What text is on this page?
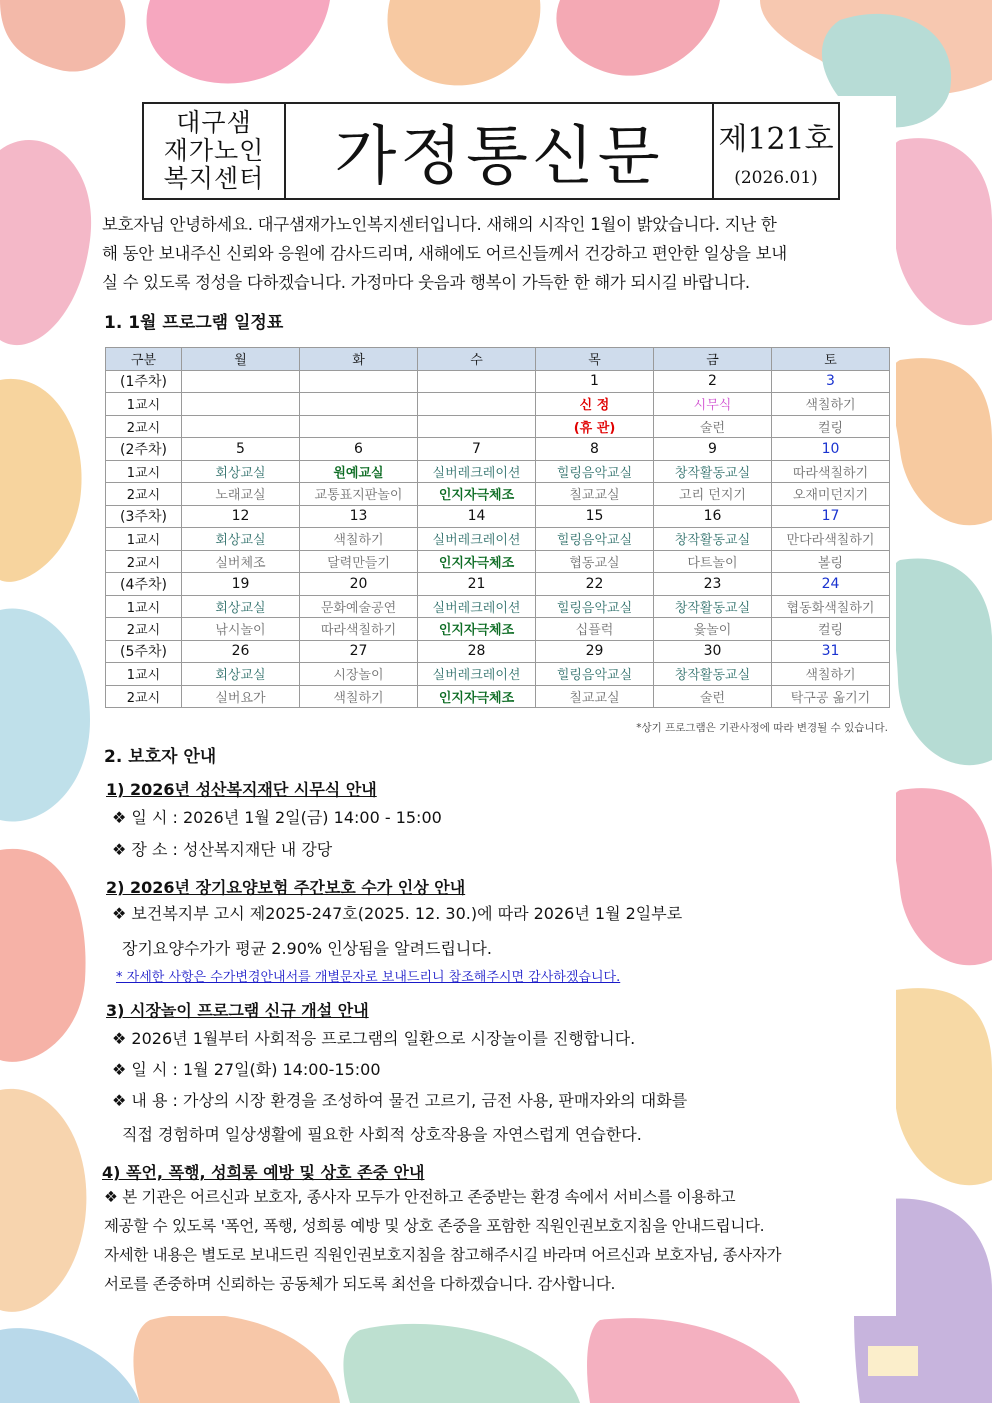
대구샘
재가노인
복지센터	가정통신문	제121호
(2026.01)

보호자님 안녕하세요. 대구샘재가노인복지센터입니다. 새해의 시작인 1월이 밝았습니다. 지난 한

해 동안 보내주신 신뢰와 응원에 감사드리며, 새해에도 어르신들께서 건강하고 편안한 일상을 보내

실 수 있도록 정성을 다하겠습니다. 가정마다 웃음과 행복이 가득한 한 해가 되시길 바랍니다.

1. 1월 프로그램 일정표
구분	월	화	수	목	금	토
(1주차)				1	2	3
1교시				신 정	시무식	색칠하기
2교시				(휴 관)	술런	컬링
(2주차)	5	6	7	8	9	10
1교시	회상교실	원예교실	실버레크레이션	힐링음악교실	창작활동교실	따라색칠하기
2교시	노래교실	교통표지판놀이	인지자극체조	칠교교실	고리 던지기	오재미던지기
(3주차)	12	13	14	15	16	17
1교시	회상교실	색칠하기	실버레크레이션	힐링음악교실	창작활동교실	만다라색칠하기
2교시	실버체조	달력만들기	인지자극체조	협동교실	다트놀이	볼링
(4주차)	19	20	21	22	23	24
1교시	회상교실	문화예술공연	실버레크레이션	힐링음악교실	창작활동교실	협동화색칠하기
2교시	낚시놀이	따라색칠하기	인지자극체조	십플럭	윷놀이	컬링
(5주차)	26	27	28	29	30	31
1교시	회상교실	시장놀이	실버레크레이션	힐링음악교실	창작활동교실	색칠하기
2교시	실버요가	색칠하기	인지자극체조	칠교교실	술런	탁구공 옮기기
*상기 프로그램은 기관사정에 따라 변경될 수 있습니다.
2. 보호자 안내
1) 2026년 성산복지재단 시무식 안내
❖ 일 시 : 2026년 1월 2일(금) 14:00 - 15:00
❖ 장 소 : 성산복지재단 내 강당
2) 2026년 장기요양보험 주간보호 수가 인상 안내
❖ 보건복지부 고시 제2025-247호(2025. 12. 30.)에 따라 2026년 1월 2일부로
장기요양수가가 평균 2.90% 인상됨을 알려드립니다.
* 자세한 사항은 수가변경안내서를 개별문자로 보내드리니 참조해주시면 감사하겠습니다.
3) 시장놀이 프로그램 신규 개설 안내
❖ 2026년 1월부터 사회적응 프로그램의 일환으로 시장놀이를 진행합니다.
❖ 일 시 : 1월 27일(화) 14:00-15:00
❖ 내 용 : 가상의 시장 환경을 조성하여 물건 고르기, 금전 사용, 판매자와의 대화를
직접 경험하며 일상생활에 필요한 사회적 상호작용을 자연스럽게 연습한다.
4) 폭언, 폭행, 성희롱 예방 및 상호 존중 안내

❖ 본 기관은 어르신과 보호자, 종사자 모두가 안전하고 존중받는 환경 속에서 서비스를 이용하고

제공할 수 있도록 '폭언, 폭행, 성희롱 예방 및 상호 존중을 포함한 직원인권보호지침을 안내드립니다.

자세한 내용은 별도로 보내드린 직원인권보호지침을 참고해주시길 바라며 어르신과 보호자님, 종사자가

서로를 존중하며 신뢰하는 공동체가 되도록 최선을 다하겠습니다. 감사합니다.
